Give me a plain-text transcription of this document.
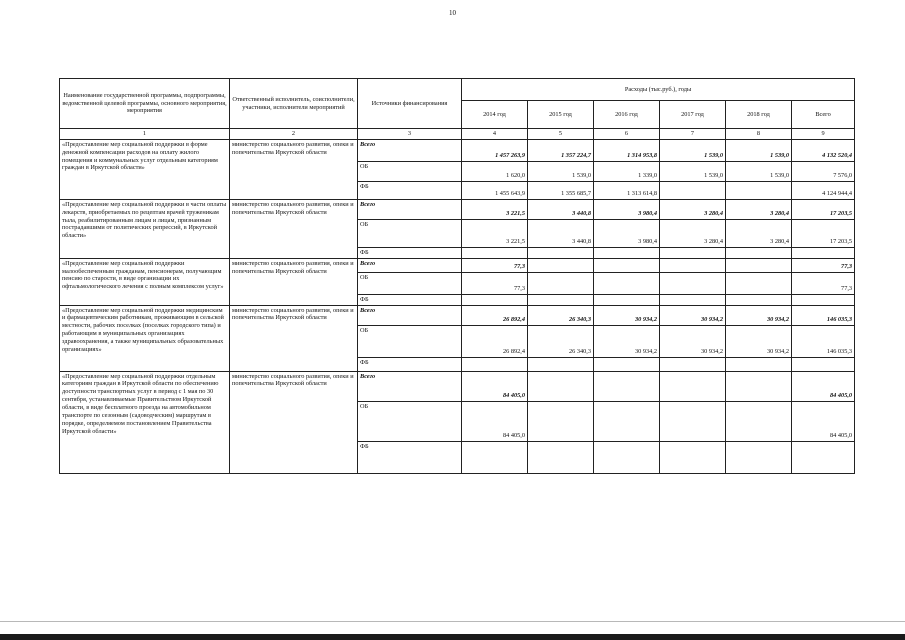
10
Наименование государственной программы, подпрограммы, ведомственной целевой программы, основного мероприятия, мероприятия	Ответственный исполнитель, соисполнители, участники, исполнители мероприятий	Источники финансирования	Расходы (тыс.руб.), годы					
			2014 год	2015 год	2016 год	2017 год	2018 год	Всего
1	2	3	4	5	6	7	8	9
«Предоставление мер социальной поддержки в форме денежной компенсации расходов на оплату жилого помещения и коммунальных услуг отдельным категориям граждан в Иркутской области»	министерство социального развития, опеки и попечительства Иркутской области	Всего	1 457 263,9	1 357 224,7	1 314 953,8	1 539,0	1 539,0	4 132 520,4
		ОБ	1 620,0	1 539,0	1 339,0	1 539,0	1 539,0	7 576,0
		ФБ	1 455 643,9	1 355 685,7	1 313 614,8			4 124 944,4
«Предоставление мер социальной поддержки в части оплаты лекарств, приобретаемых по рецептам врачей труженикам тыла, реабилитированным лицам и лицам, признанным пострадавшими от политических репрессий, в Иркутской области»	министерство социального развития, опеки и попечительства Иркутской области	Всего	3 221,5	3 440,8	3 980,4	3 280,4	3 280,4	17 203,5
		ОБ	3 221,5	3 440,8	3 980,4	3 280,4	3 280,4	17 203,5
		ФБ						
«Предоставление мер социальной поддержки малообеспеченным гражданам, пенсионерам, получающим пенсию по старости, в виде организации их офтальмологического лечения с полным комплексом услуг»	министерство социального развития, опеки и попечительства Иркутской области	Всего	77,3					77,3
		ОБ	77,3					77,3
		ФБ						
«Предоставление мер социальной поддержки медицинским и фармацевтическим работникам, проживающим в сельской местности, рабочих поселках (поселках городского типа) и работающим в муниципальных организациях здравоохранения, а также муниципальных образовательных организациях»	министерство социального развития, опеки и попечительства Иркутской области	Всего	26 892,4	26 340,3	30 934,2	30 934,2	30 934,2	146 035,3
		ОБ	26 892,4	26 340,3	30 934,2	30 934,2	30 934,2	146 035,3
		ФБ						
«Предоставление мер социальной поддержки отдельным категориям граждан в Иркутской области по обеспечению доступности транспортных услуг в период с 1 мая по 30 сентября, устанавливаемые Правительством Иркутской области, в виде бесплатного проезда на автомобильном транспорте по сезонным (садоводческим) маршрутам в порядке, определяемом постановлением Правительства Иркутской области»	министерство социального развития, опеки и попечительства Иркутской области	Всего	84 405,0					84 405,0
		ОБ	84 405,0					84 405,0
		ФБ						
